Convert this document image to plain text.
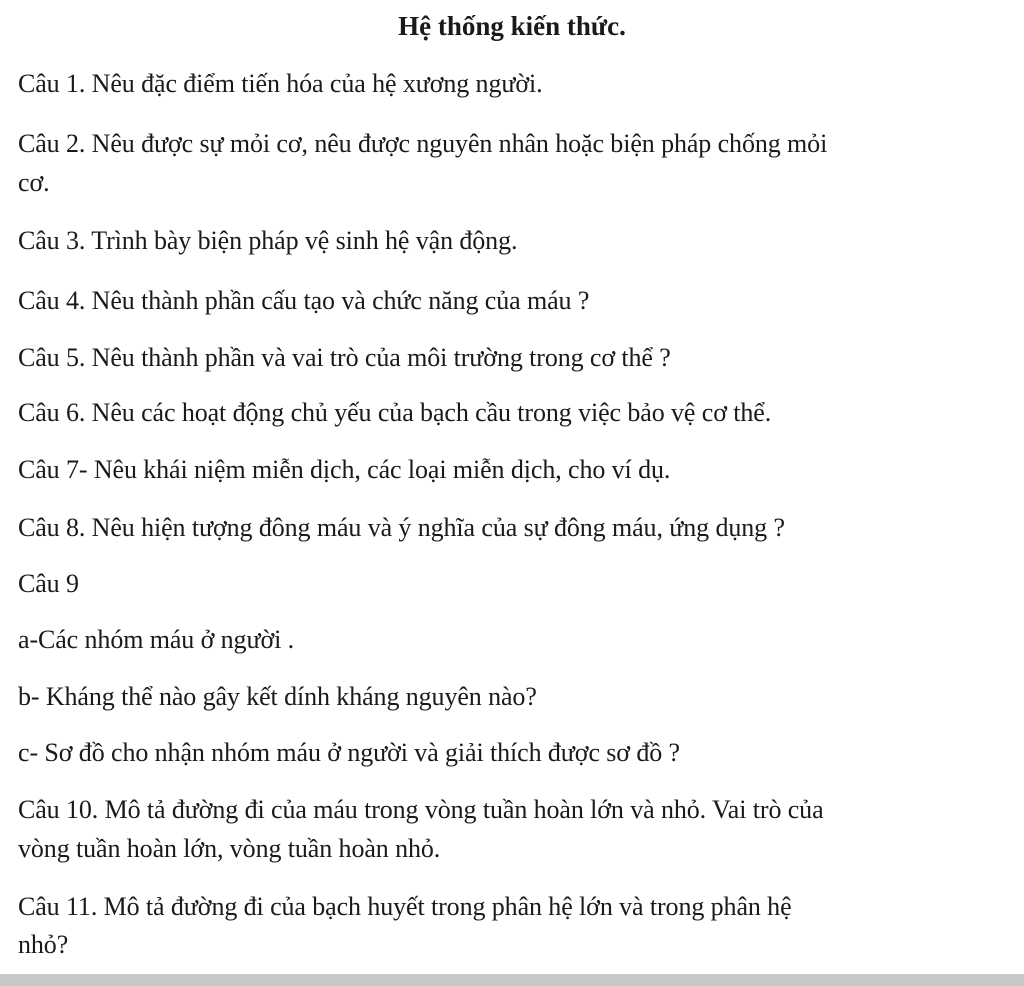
Hệ thống kiến thức.

Câu 1. Nêu đặc điểm tiến hóa của hệ xương người.

Câu 2. Nêu được sự mỏi cơ, nêu được nguyên nhân hoặc biện pháp chống mỏi

cơ.

Câu 3. Trình bày biện pháp vệ sinh hệ vận động.

Câu 4. Nêu thành phần cấu tạo và chức năng của máu ?

Câu 5. Nêu thành phần và vai trò của môi trường trong cơ thể ?

Câu 6. Nêu các hoạt động chủ yếu của bạch cầu trong việc bảo vệ cơ thể.

Câu 7- Nêu khái niệm miễn dịch, các loại miễn dịch, cho ví dụ.

Câu 8. Nêu hiện tượng đông máu và ý nghĩa của sự đông máu, ứng dụng ?

Câu 9

a-Các nhóm máu ở người .

b- Kháng thể nào gây kết dính kháng nguyên nào?

c- Sơ đồ cho nhận nhóm máu ở người và giải thích được sơ đồ ?

Câu 10. Mô tả đường đi của máu trong vòng tuần hoàn lớn và nhỏ. Vai trò của

vòng tuần hoàn lớn, vòng tuần hoàn nhỏ.

Câu 11. Mô tả đường đi của bạch huyết trong phân hệ lớn và trong phân hệ

nhỏ?
